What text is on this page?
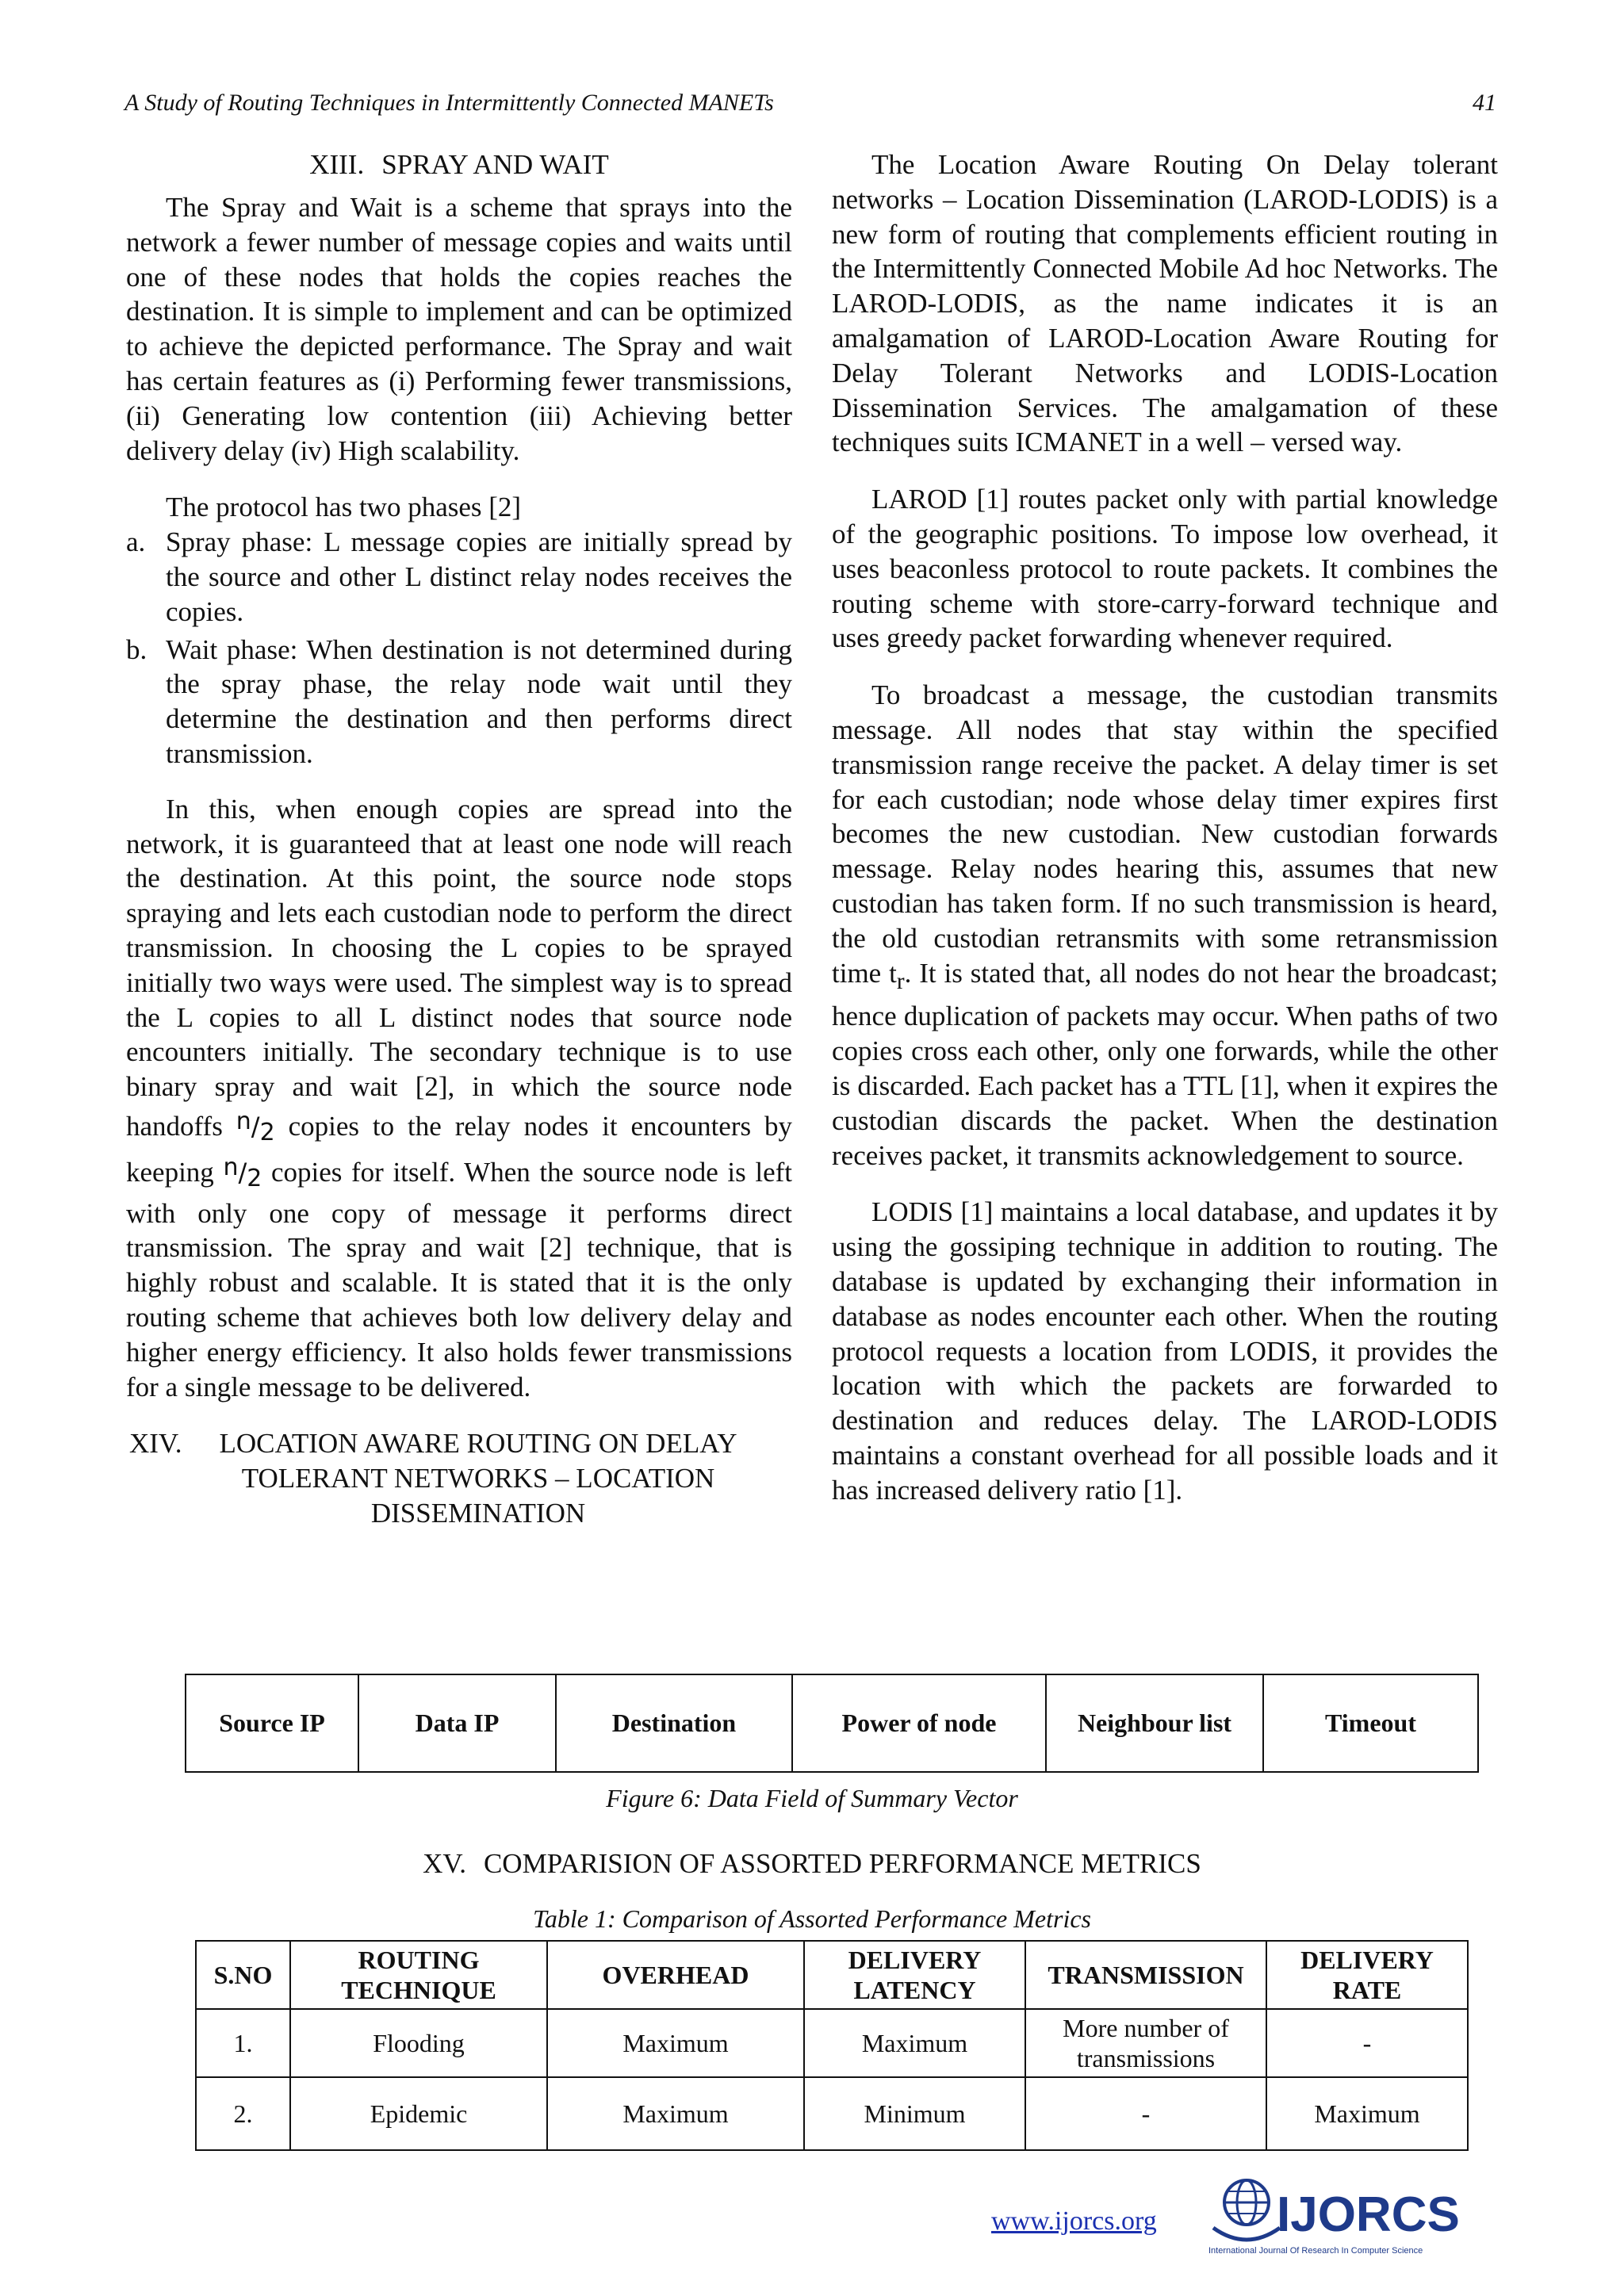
A Study of Routing Techniques in Intermittently Connected MANETs	41
XIII. SPRAY AND WAIT

The Spray and Wait is a scheme that sprays into the network a fewer number of message copies and waits until one of these nodes that holds the copies reaches the destination. It is simple to implement and can be optimized to achieve the depicted performance. The Spray and wait has certain features as (i) Performing fewer transmissions, (ii) Generating low contention (iii) Achieving better delivery delay (iv) High scalability.

The protocol has two phases [2]

a. Spray phase: L message copies are initially spread by the source and other L distinct relay nodes receives the copies.
b. Wait phase: When destination is not determined during the spray phase, the relay node wait until they determine the destination and then performs direct transmission.

In this, when enough copies are spread into the network, it is guaranteed that at least one node will reach the destination. At this point, the source node stops spraying and lets each custodian node to perform the direct transmission. In choosing the L copies to be sprayed initially two ways were used. The simplest way is to spread the L copies to all L distinct nodes that source node encounters initially. The secondary technique is to use binary spray and wait [2], in which the source node handoffs $^n/_2$ copies to the relay nodes it encounters by keeping $^n/_2$ copies for itself. When the source node is left with only one copy of message it performs direct transmission. The spray and wait [2] technique, that is highly robust and scalable. It is stated that it is the only routing scheme that achieves both low delivery delay and higher energy efficiency. It also holds fewer transmissions for a single message to be delivered.

XIV.	LOCATION AWARE ROUTING ON DELAY TOLERANT NETWORKS – LOCATION DISSEMINATION

The Location Aware Routing On Delay tolerant networks – Location Dissemination (LAROD-LODIS) is a new form of routing that complements efficient routing in the Intermittently Connected Mobile Ad hoc Networks. The LAROD-LODIS, as the name indicates it is an amalgamation of LAROD-Location Aware Routing for Delay Tolerant Networks and LODIS-Location Dissemination Services. The amalgamation of these techniques suits ICMANET in a well – versed way.

LAROD [1] routes packet only with partial knowledge of the geographic positions. To impose low overhead, it uses beaconless protocol to route packets. It combines the routing scheme with store-carry-forward technique and uses greedy packet forwarding whenever required.

To broadcast a message, the custodian transmits message. All nodes that stay within the specified transmission range receive the packet. A delay timer is set for each custodian; node whose delay timer expires first becomes the new custodian. New custodian forwards message. Relay nodes hearing this, assumes that new custodian has taken form. If no such transmission is heard, the old custodian retransmits with some retransmission time $t_r$. It is stated that, all nodes do not hear the broadcast; hence duplication of packets may occur. When paths of two copies cross each other, only one forwards, while the other is discarded. Each packet has a TTL [1], when it expires the custodian discards the packet. When the destination receives packet, it transmits acknowledgement to source.

LODIS [1] maintains a local database, and updates it by using the gossiping technique in addition to routing. The database is updated by exchanging their information in database as nodes encounter each other. When the routing protocol requests a location from LODIS, it provides the location with which the packets are forwarded to destination and reduces delay. The LAROD-LODIS maintains a constant overhead for all possible loads and it has increased delivery ratio [1].

Source IP	Data IP	Destination	Power of node	Neighbour list	Timeout
Figure 6: Data Field of Summary Vector
XV. COMPARISION OF ASSORTED PERFORMANCE METRICS
Table 1: Comparison of Assorted Performance Metrics
S.NO	ROUTING TECHNIQUE	OVERHEAD	DELIVERY LATENCY	TRANSMISSION	DELIVERY RATE
1.	Flooding	Maximum	Maximum	More number of transmissions	-
2.	Epidemic	Maximum	Minimum	-	Maximum
www.ijorcs.org IJORCS
International Journal Of Research In Computer Science
